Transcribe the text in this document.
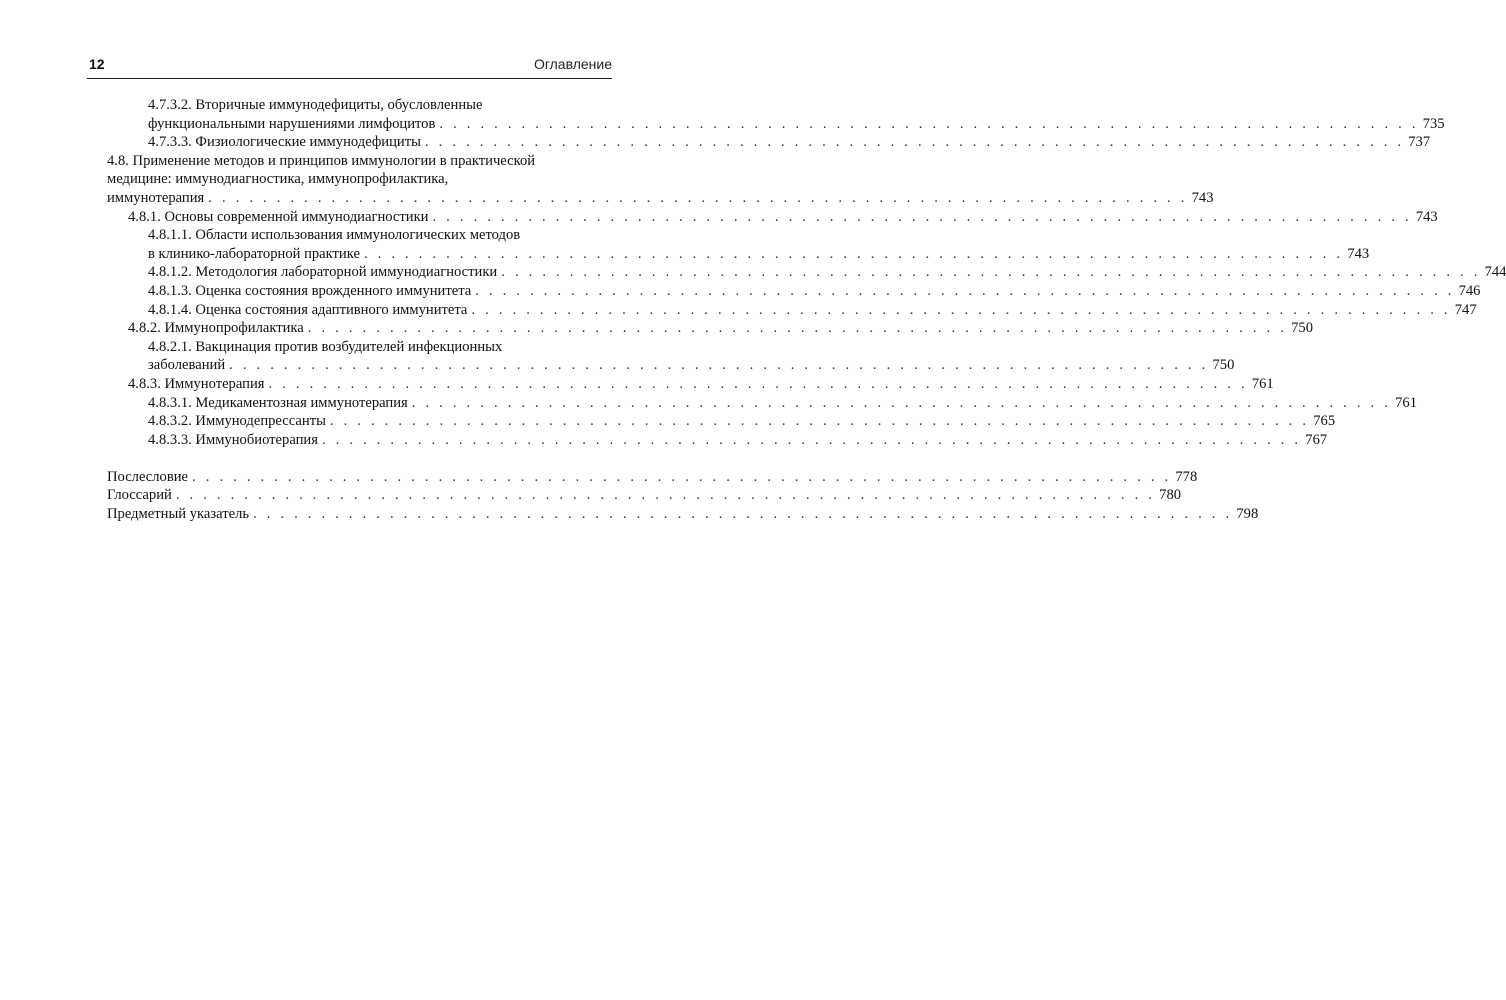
12	Оглавление
4.7.3.2. Вторичные иммунодефициты, обусловленные
функциональными нарушениями лимфоцитов . . . . . . . . . . . . . . . . . . . . . . . . . . . . . . . . . . . . . . . . . . . . . . . . . . . . . . . . . . . . . . . . . . . . . . . . 735
4.7.3.3. Физиологические иммунодефициты . . . . . . . . . . . . . . . . . . . . . . . . . . . . . . . . . . . . . . . . . . . . . . . . . . . . . . . . . . . . . . . . . . . . . . . . 737
4.8. Применение методов и принципов иммунологии в практической
медицине: иммунодиагностика, иммунопрофилактика,
иммунотерапия . . . . . . . . . . . . . . . . . . . . . . . . . . . . . . . . . . . . . . . . . . . . . . . . . . . . . . . . . . . . . . . . . . . . . . . . 743
4.8.1. Основы современной иммунодиагностики . . . . . . . . . . . . . . . . . . . . . . . . . . . . . . . . . . . . . . . . . . . . . . . . . . . . . . . . . . . . . . . . . . . . . . . . 743
4.8.1.1. Области использования иммунологических методов
в клинико-лабораторной практике . . . . . . . . . . . . . . . . . . . . . . . . . . . . . . . . . . . . . . . . . . . . . . . . . . . . . . . . . . . . . . . . . . . . . . . . 743
4.8.1.2. Методология лабораторной иммунодиагностики . . . . . . . . . . . . . . . . . . . . . . . . . . . . . . . . . . . . . . . . . . . . . . . . . . . . . . . . . . . . . . . . . . . . . . . . 744
4.8.1.3. Оценка состояния врожденного иммунитета . . . . . . . . . . . . . . . . . . . . . . . . . . . . . . . . . . . . . . . . . . . . . . . . . . . . . . . . . . . . . . . . . . . . . . . . 746
4.8.1.4. Оценка состояния адаптивного иммунитета . . . . . . . . . . . . . . . . . . . . . . . . . . . . . . . . . . . . . . . . . . . . . . . . . . . . . . . . . . . . . . . . . . . . . . . . 747
4.8.2. Иммунопрофилактика . . . . . . . . . . . . . . . . . . . . . . . . . . . . . . . . . . . . . . . . . . . . . . . . . . . . . . . . . . . . . . . . . . . . . . . . 750
4.8.2.1. Вакцинация против возбудителей инфекционных
заболеваний . . . . . . . . . . . . . . . . . . . . . . . . . . . . . . . . . . . . . . . . . . . . . . . . . . . . . . . . . . . . . . . . . . . . . . . . 750
4.8.3. Иммунотерапия . . . . . . . . . . . . . . . . . . . . . . . . . . . . . . . . . . . . . . . . . . . . . . . . . . . . . . . . . . . . . . . . . . . . . . . . 761
4.8.3.1. Медикаментозная иммунотерапия . . . . . . . . . . . . . . . . . . . . . . . . . . . . . . . . . . . . . . . . . . . . . . . . . . . . . . . . . . . . . . . . . . . . . . . . 761
4.8.3.2. Иммунодепрессанты . . . . . . . . . . . . . . . . . . . . . . . . . . . . . . . . . . . . . . . . . . . . . . . . . . . . . . . . . . . . . . . . . . . . . . . . 765
4.8.3.3. Иммунобиотерапия . . . . . . . . . . . . . . . . . . . . . . . . . . . . . . . . . . . . . . . . . . . . . . . . . . . . . . . . . . . . . . . . . . . . . . . . 767
Послесловие . . . . . . . . . . . . . . . . . . . . . . . . . . . . . . . . . . . . . . . . . . . . . . . . . . . . . . . . . . . . . . . . . . . . . . . . 778
Глоссарий . . . . . . . . . . . . . . . . . . . . . . . . . . . . . . . . . . . . . . . . . . . . . . . . . . . . . . . . . . . . . . . . . . . . . . . . 780
Предметный указатель . . . . . . . . . . . . . . . . . . . . . . . . . . . . . . . . . . . . . . . . . . . . . . . . . . . . . . . . . . . . . . . . . . . . . . . . 798
